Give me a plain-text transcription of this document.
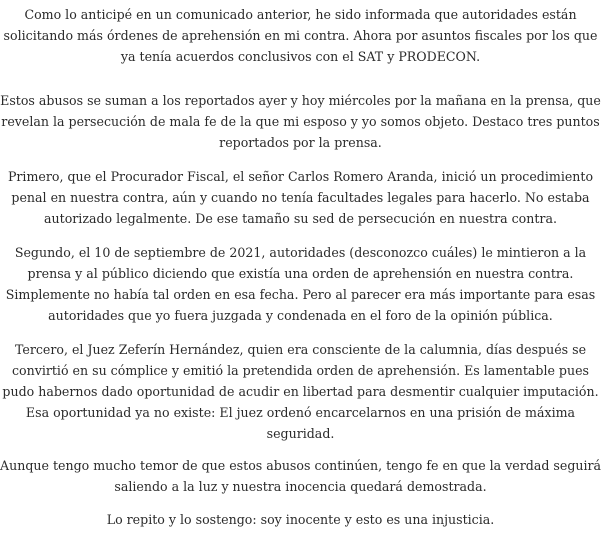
Como lo anticipé en un comunicado anterior, he sido informada que autoridades están
solicitando más órdenes de aprehensión en mi contra. Ahora por asuntos fiscales por los que
ya tenía acuerdos conclusivos con el SAT y PRODECON.
Estos abusos se suman a los reportados ayer y hoy miércoles por la mañana en la prensa, que
revelan la persecución de mala fe de la que mi esposo y yo somos objeto. Destaco tres puntos
reportados por la prensa.
Primero, que el Procurador Fiscal, el señor Carlos Romero Aranda, inició un procedimiento
penal en nuestra contra, aún y cuando no tenía facultades legales para hacerlo. No estaba
autorizado legalmente. De ese tamaño su sed de persecución en nuestra contra.
Segundo, el 10 de septiembre de 2021, autoridades (desconozco cuáles) le mintieron a la
prensa y al público diciendo que existía una orden de aprehensión en nuestra contra.
Simplemente no había tal orden en esa fecha. Pero al parecer era más importante para esas
autoridades que yo fuera juzgada y condenada en el foro de la opinión pública.
Tercero, el Juez Zeferín Hernández, quien era consciente de la calumnia, días después se
convirtió en su cómplice y emitió la pretendida orden de aprehensión. Es lamentable pues
pudo habernos dado oportunidad de acudir en libertad para desmentir cualquier imputación.
Esa oportunidad ya no existe: El juez ordenó encarcelarnos en una prisión de máxima
seguridad.
Aunque tengo mucho temor de que estos abusos continúen, tengo fe en que la verdad seguirá
saliendo a la luz y nuestra inocencia quedará demostrada.
Lo repito y lo sostengo: soy inocente y esto es una injusticia.
